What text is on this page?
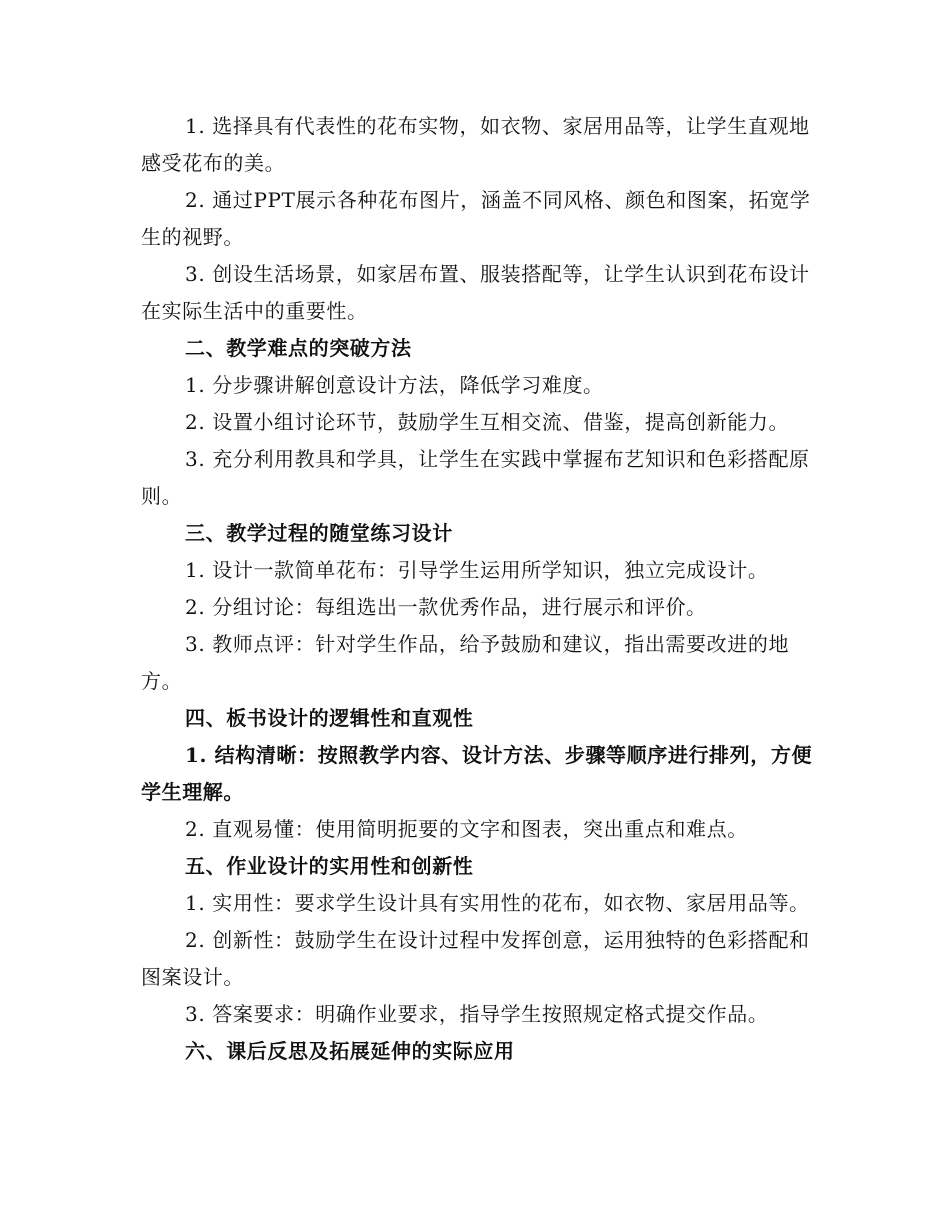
1. 选择具有代表性的花布实物，如衣物、家居用品等，让学生直观地感受花布的美。

2. 通过PPT展示各种花布图片，涵盖不同风格、颜色和图案，拓宽学生的视野。

3. 创设生活场景，如家居布置、服装搭配等，让学生认识到花布设计在实际生活中的重要性。

二、教学难点的突破方法

1. 分步骤讲解创意设计方法，降低学习难度。

2. 设置小组讨论环节，鼓励学生互相交流、借鉴，提高创新能力。

3. 充分利用教具和学具，让学生在实践中掌握布艺知识和色彩搭配原则。

三、教学过程的随堂练习设计

1. 设计一款简单花布：引导学生运用所学知识，独立完成设计。

2. 分组讨论：每组选出一款优秀作品，进行展示和评价。

3. 教师点评：针对学生作品，给予鼓励和建议，指出需要改进的地方。

四、板书设计的逻辑性和直观性

1. 结构清晰：按照教学内容、设计方法、步骤等顺序进行排列，方便学生理解。

2. 直观易懂：使用简明扼要的文字和图表，突出重点和难点。

五、作业设计的实用性和创新性

1. 实用性：要求学生设计具有实用性的花布，如衣物、家居用品等。

2. 创新性：鼓励学生在设计过程中发挥创意，运用独特的色彩搭配和图案设计。

3. 答案要求：明确作业要求，指导学生按照规定格式提交作品。

六、课后反思及拓展延伸的实际应用
